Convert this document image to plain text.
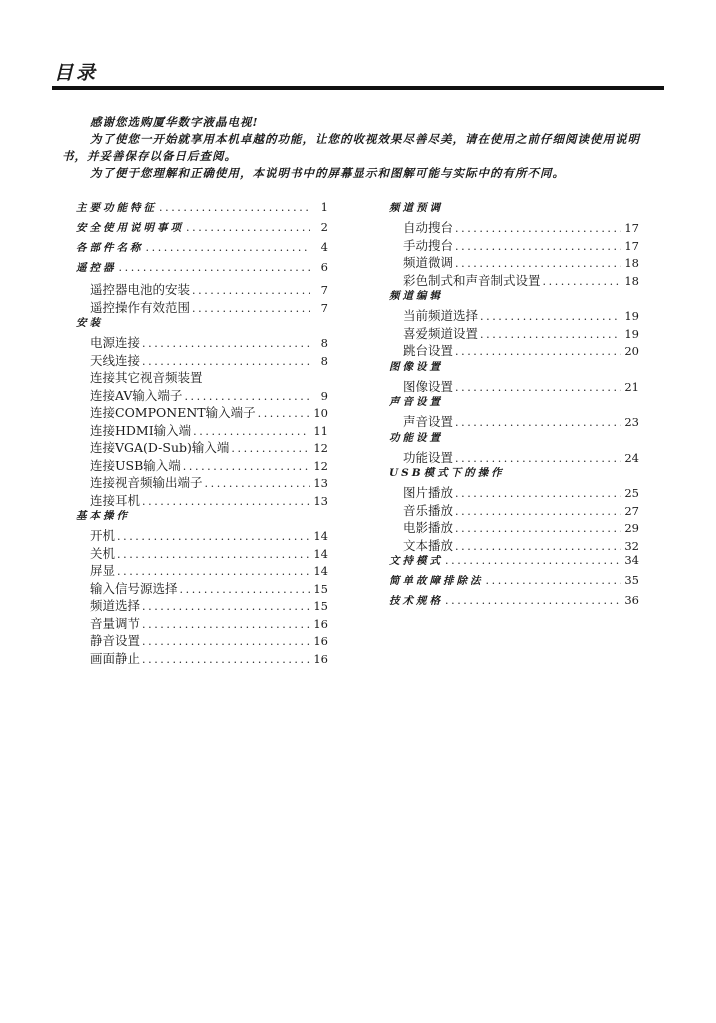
目录

感谢您选购厦华数字液晶电视!

为了使您一开始就享用本机卓越的功能，让您的收视效果尽善尽美，请在使用之前仔细阅读使用说明书，并妥善保存以备日后查阅。

为了便于您理解和正确使用，本说明书中的屏幕显示和图解可能与实际中的有所不同。

主要功能特征 .....	1
安全使用说明事项 .....	2
各部件名称 .....	4
遥控器 .....	6
遥控器电池的安装 .....	7
遥控操作有效范围 .....	7
安装
电源连接 .....	8
天线连接 .....	8
连接其它视音频装置
连接AV输入端子 .....	9
连接COMPONENT输入端子 .....	10
连接HDMI输入端 .....	11
连接VGA(D-Sub)输入端 .....	12
连接USB输入端 .....	12
连接视音频输出端子 .....	13
连接耳机 .....	13
基本操作
开机 .....	14
关机 .....	14
屏显 .....	14
输入信号源选择 .....	15
频道选择 .....	15
音量调节 .....	16
静音设置 .....	16
画面静止 .....	16
频道预调
自动搜台 .....	17
手动搜台 .....	17
频道微调 .....	18
彩色制式和声音制式设置 .....	18
频道编辑
当前频道选择 .....	19
喜爱频道设置 .....	19
跳台设置 .....	20
图像设置
图像设置 .....	21
声音设置
声音设置 .....	23
功能设置
功能设置 .....	24
USB模式下的操作
图片播放 .....	25
音乐播放 .....	27
电影播放 .....	29
文本播放 .....	32
文持模式 .....	34
简单故障排除法 .....	35
技术规格 .....	36
